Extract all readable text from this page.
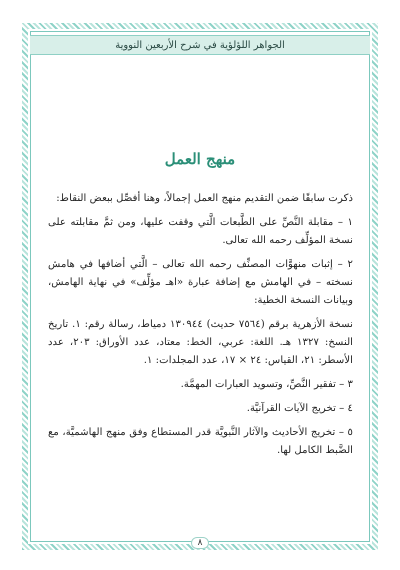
الجواهر اللؤلؤية في شرح الأربعين النووية
منهج العمل

ذكرت سابقًا ضمن التقديم منهج العمل إجمالاً، وهنا أفصِّل ببعض النقاط:

١ – مقابلة النَّصِّ على الطَّبعات الَّتي وقفت عليها، ومن ثمَّ مقابلته على نسخة المؤلِّف رحمه الله تعالى.

٢ – إثبات منهوَّات المصنِّف رحمه الله تعالى – الَّتي أضافها في هامش نسخته – في الهامش مع إضافة عبارة «اهـ مؤلِّف» في نهاية الهامش، وبيانات النسخة الخطية:

نسخة الأزهرية برقم (٧٥٦٤ حديث) ١٣٠٩٤٤ دمياط، رسالة رقم: ١. تاريخ النسخ: ١٣٢٧ هـ. اللغة: عربي، الخط: معتاد، عدد الأوراق: ٢٠٣، عدد الأسطر: ٢١، القياس: ٢٤ × ١٧، عدد المجلدات: ١.

٣ – تفقير النَّصِّ، وتسويد العبارات المهمَّة.

٤ – تخريج الآيات القرآنيَّة.

٥ – تخريج الأحاديث والآثار النَّبويَّة قدر المستطاع وفق منهج الهاشميَّة، مع الضَّبط الكامل لها.

٨
